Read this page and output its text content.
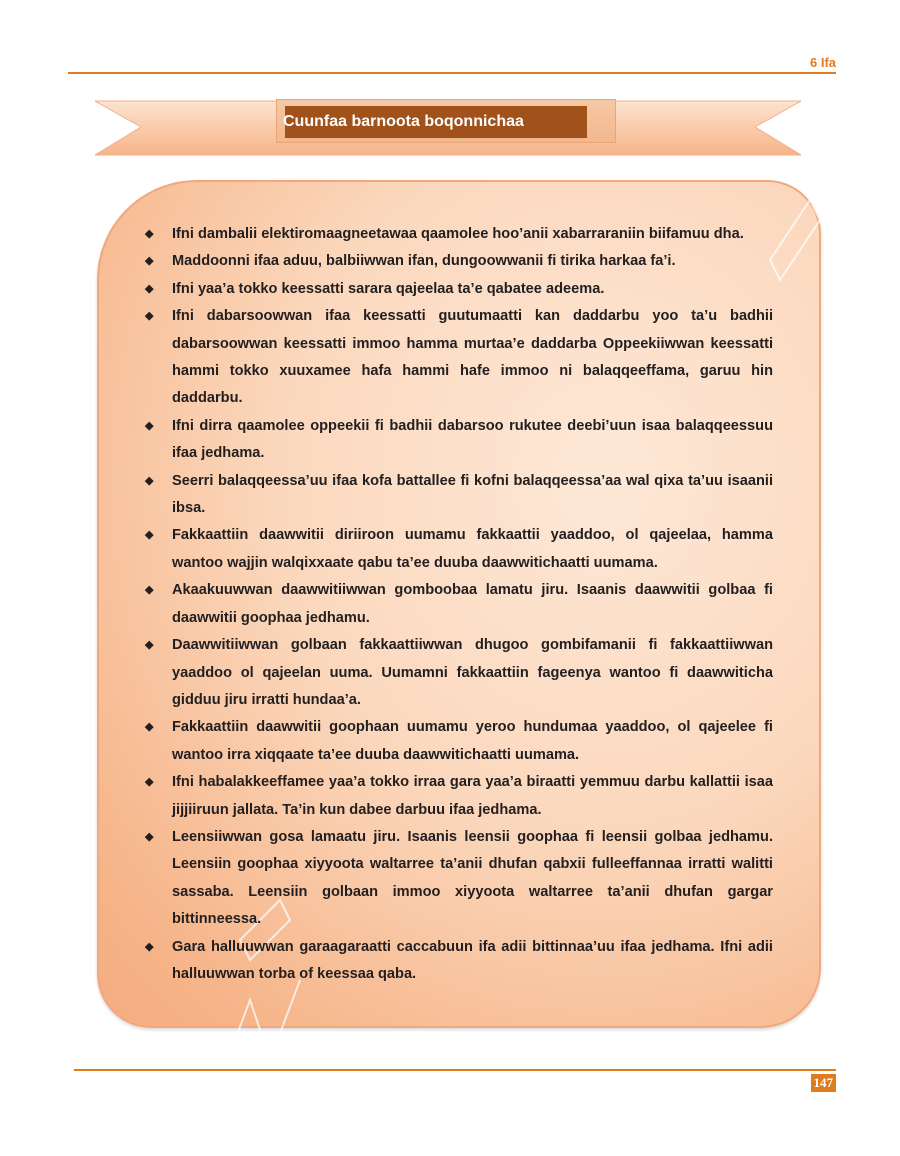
6 Ifa
Cuunfaa barnoota boqonnichaa
◆ Ifni dambalii elektiromaagneetawaa qaamolee hoo’anii xabarraraniin biifamuu dha.
◆ Maddoonni ifaa aduu, balbiiwwan ifan, dungoowwanii fi tirika harkaa fa’i.
◆ Ifni yaa’a tokko keessatti sarara qajeelaa ta’e qabatee adeema.
◆ Ifni dabarsoowwan ifaa keessatti guutumaatti kan daddarbu yoo ta’u badhii dabarsoowwan keessatti immoo hamma murtaa’e daddarba Oppeekiiwwan keessatti hammi tokko xuuxamee hafa hammi hafe immoo ni balaqqeeffama, garuu hin daddarbu.
◆ Ifni dirra qaamolee oppeekii fi badhii dabarsoo rukutee deebi’uun isaa balaqqeessuu ifaa jedhama.
◆ Seerri balaqqeessa’uu ifaa kofa battallee fi kofni balaqqeessa’aa wal qixa ta’uu isaanii ibsa.
◆ Fakkaattiin daawwitii diriiroon uumamu fakkaattii yaaddoo, ol qajeelaa, hamma wantoo wajjin walqixxaate qabu ta’ee duuba daawwitichaatti uumama.
◆ Akaakuuwwan daawwitiiwwan gomboobaa lamatu jiru. Isaanis daawwitii golbaa fi daawwitii goophaa jedhamu.
◆ Daawwitiiwwan golbaan fakkaattiiwwan dhugoo gombifamanii fi fakkaattiiwwan yaaddoo ol qajeelan uuma. Uumamni fakkaattiin fageenya wantoo fi daawwiticha gidduu jiru irratti hundaa’a.
◆ Fakkaattiin daawwitii goophaan uumamu yeroo hundumaa yaaddoo, ol qajeelee fi wantoo irra xiqqaate ta’ee duuba daawwitichaatti uumama.
◆ Ifni habalakkeeffamee yaa’a tokko irraa gara yaa’a biraatti yemmuu darbu kallattii isaa jijjiiruun jallata. Ta’in kun dabee darbuu ifaa jedhama.
◆ Leensiiwwan gosa lamaatu jiru. Isaanis leensii goophaa fi leensii golbaa jedhamu. Leensiin goophaa xiyyoota waltarree ta’anii dhufan qabxii fulleeffannaa irratti walitti sassaba. Leensiin golbaan immoo xiyyoota waltarree ta’anii dhufan gargar bittinneessa.
◆ Gara halluuwwan garaagaraatti caccabuun ifa adii bittinnaa’uu ifaa jedhama. Ifni adii halluuwwan torba of keessaa qaba.
147
